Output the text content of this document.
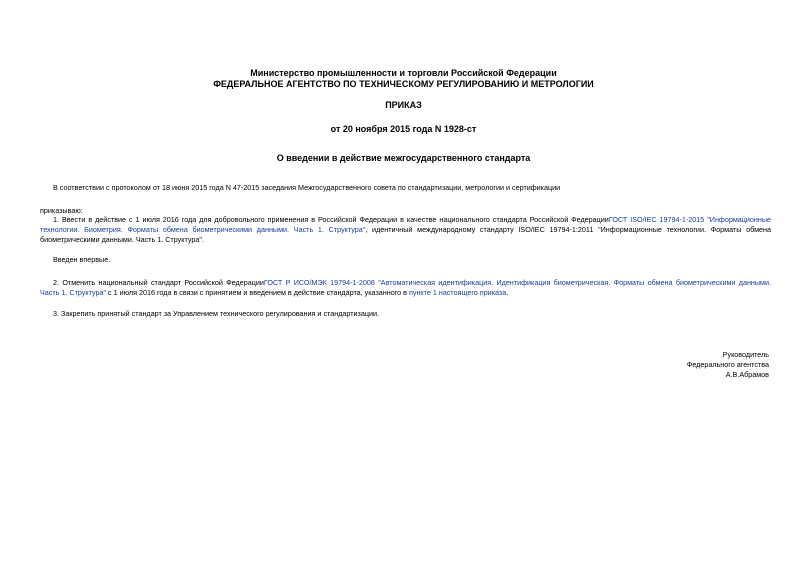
Министерство промышленности и торговли Российской Федерации
ФЕДЕРАЛЬНОЕ АГЕНТСТВО ПО ТЕХНИЧЕСКОМУ РЕГУЛИРОВАНИЮ И МЕТРОЛОГИИ
ПРИКАЗ
от 20 ноября 2015 года N 1928-ст
О введении в действие межгосударственного стандарта
В соответствии с протоколом от 18 июня 2015 года N 47-2015 заседания Межгосударственного совета по стандартизации, метрологии и сертификации
приказываю:
1. Ввести в действие с 1 июля 2016 года для добровольного применения в Российской Федерации в качестве национального стандарта Российской ФедерацииГОСТ ISO/IEC 19794-1-2015 "Информационные технологии. Биометрия. Форматы обмена биометрическими данными. Часть 1. Структура", идентичный международному стандарту ISO/IEC 19794-1:2011 "Информационные технологии. Форматы обмена биометрическими данными. Часть 1. Структура".
Введен впервые.
2. Отменить национальный стандарт Российской ФедерацииГОСТ Р ИСО/МЭК 19794-1-2008 "Автоматическая идентификация. Идентификация биометрическая. Форматы обмена биометрическими данными. Часть 1. Структура" с 1 июля 2016 года в связи с принятием и введением в действие стандарта, указанного в пункте 1 настоящего приказа.
3. Закрепить принятый стандарт за Управлением технического регулирования и стандартизации.
Руководитель
Федерального агентства
А.В.Абрамов
